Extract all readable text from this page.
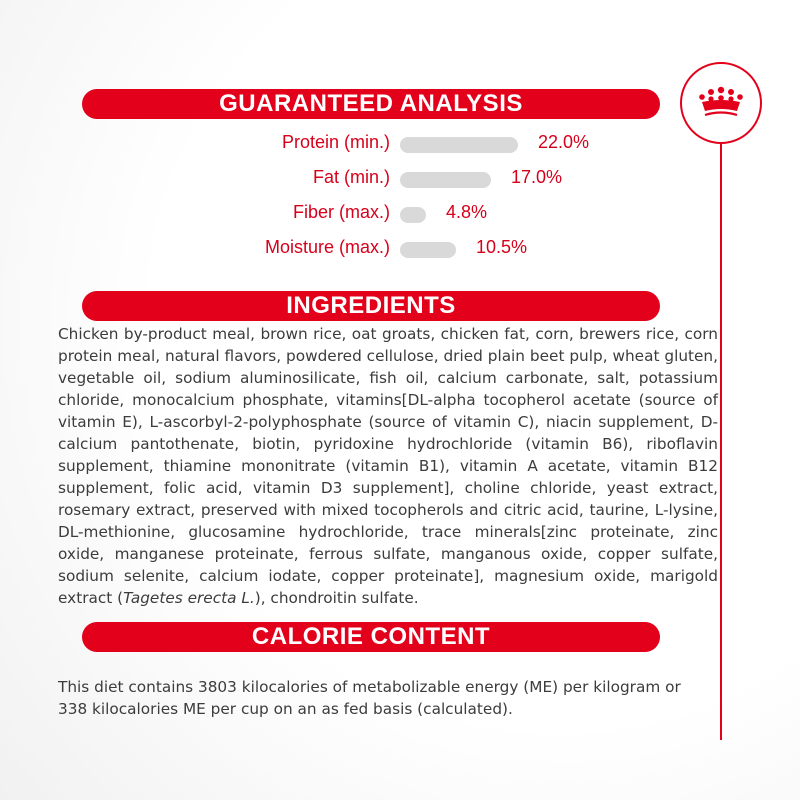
GUARANTEED ANALYSIS
Protein (min.)	22.0%
Fat (min.)	17.0%
Fiber (max.)	4.8%
Moisture (max.)	10.5%
INGREDIENTS

Chicken by-product meal, brown rice, oat groats, chicken fat, corn, brewers rice, corn protein meal, natural flavors, powdered cellulose, dried plain beet pulp, wheat gluten, vegetable oil, sodium aluminosilicate, fish oil, calcium carbonate, salt, potassium chloride, monocalcium phosphate, vitamins[DL-alpha tocopherol acetate (source of vitamin E), L-ascorbyl-2-polyphosphate (source of vitamin C), niacin supplement, D-calcium pantothenate, biotin, pyridoxine hydrochloride (vitamin B6), riboflavin supplement, thiamine mononitrate (vitamin B1), vitamin A acetate, vitamin B12 supplement, folic acid, vitamin D3 supplement], choline chloride, yeast extract, rosemary extract, preserved with mixed tocopherols and citric acid, taurine, L-lysine, DL-methionine, glucosamine hydrochloride, trace minerals[zinc proteinate, zinc oxide, manganese proteinate, ferrous sulfate, manganous oxide, copper sulfate, sodium selenite, calcium iodate, copper proteinate], magnesium oxide, marigold extract (Tagetes erecta L.), chondroitin sulfate.

CALORIE CONTENT

This diet contains 3803 kilocalories of metabolizable energy (ME) per kilogram or 338 kilocalories ME per cup on an as fed basis (calculated).
